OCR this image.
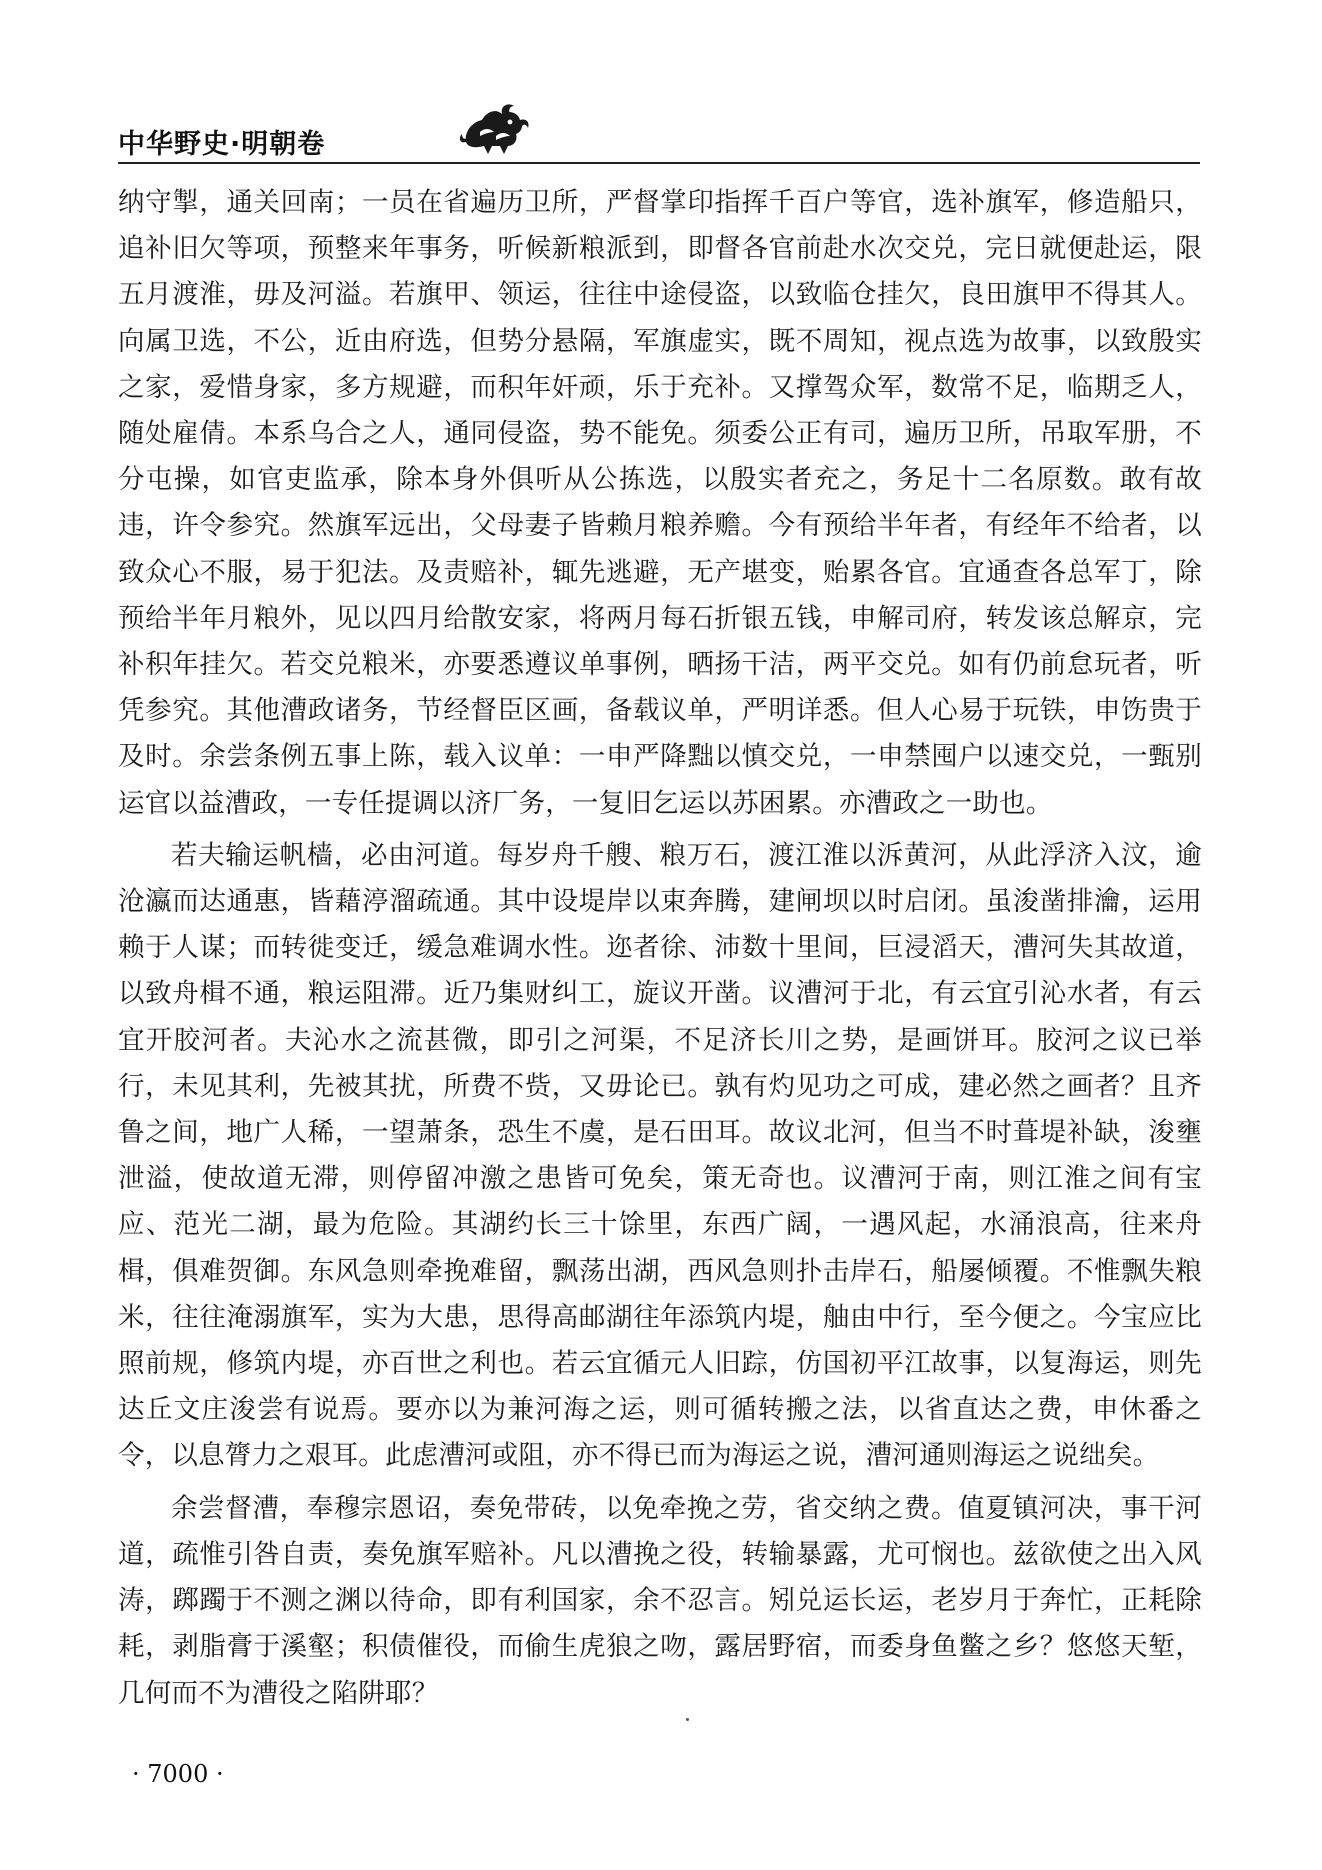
中华野史·明朝卷

纳守掣，通关回南；一员在省遍历卫所，严督掌印指挥千百户等官，选补旗军，修造船只，追补旧欠等项，预整来年事务，听候新粮派到，即督各官前赴水次交兑，完日就便赴运，限五月渡淮，毋及河溢。若旗甲、领运，往往中途侵盗，以致临仓挂欠，良田旗甲不得其人。向属卫选，不公，近由府选，但势分悬隔，军旗虚实，既不周知，视点选为故事，以致殷实之家，爱惜身家，多方规避，而积年奸顽，乐于充补。又撑驾众军，数常不足，临期乏人，随处雇倩。本系乌合之人，通同侵盗，势不能免。须委公正有司，遍历卫所，吊取军册，不分屯操，如官吏监承，除本身外俱听从公拣选，以殷实者充之，务足十二名原数。敢有故违，许令参究。然旗军远出，父母妻子皆赖月粮养赡。今有预给半年者，有经年不给者，以致众心不服，易于犯法。及责赔补，辄先逃避，无产堪变，贻累各官。宜通查各总军丁，除预给半年月粮外，见以四月给散安家，将两月每石折银五钱，申解司府，转发该总解京，完补积年挂欠。若交兑粮米，亦要悉遵议单事例，晒扬干洁，两平交兑。如有仍前怠玩者，听凭参究。其他漕政诸务，节经督臣区画，备载议单，严明详悉。但人心易于玩铁，申饬贵于及时。余尝条例五事上陈，载入议单：一申严降黜以慎交兑，一申禁囤户以速交兑，一甄别运官以益漕政，一专任提调以济厂务，一复旧乞运以苏困累。亦漕政之一助也。

若夫输运帆樯，必由河道。每岁舟千艘、粮万石，渡江淮以泝黄河，从此浮济入汶，逾沧瀛而达通惠，皆藉渟溜疏通。其中设堤岸以束奔腾，建闸坝以时启闭。虽浚凿排瀹，运用赖于人谋；而转徙变迁，缓急难调水性。迩者徐、沛数十里间，巨浸滔天，漕河失其故道，以致舟楫不通，粮运阻滞。近乃集财纠工，旋议开凿。议漕河于北，有云宜引沁水者，有云宜开胶河者。夫沁水之流甚微，即引之河渠，不足济长川之势，是画饼耳。胶河之议已举行，未见其利，先被其扰，所费不赀，又毋论已。孰有灼见功之可成，建必然之画者？且齐鲁之间，地广人稀，一望萧条，恐生不虞，是石田耳。故议北河，但当不时葺堤补缺，浚壅泄溢，使故道无滞，则停留冲激之患皆可免矣，策无奇也。议漕河于南，则江淮之间有宝应、范光二湖，最为危险。其湖约长三十馀里，东西广阔，一遇风起，水涌浪高，往来舟楫，俱难贺御。东风急则牵挽难留，飘荡出湖，西风急则扑击岸石，船屡倾覆。不惟飘失粮米，往往淹溺旗军，实为大患，思得高邮湖往年添筑内堤，舳由中行，至今便之。今宝应比照前规，修筑内堤，亦百世之利也。若云宜循元人旧踪，仿国初平江故事，以复海运，则先达丘文庄浚尝有说焉。要亦以为兼河海之运，则可循转搬之法，以省直达之费，申休番之令，以息膂力之艰耳。此虑漕河或阻，亦不得已而为海运之说，漕河通则海运之说绌矣。

余尝督漕，奉穆宗恩诏，奏免带砖，以免牵挽之劳，省交纳之费。值夏镇河决，事干河道，疏惟引咎自责，奏免旗军赔补。凡以漕挽之役，转输暴露，尤可悯也。兹欲使之出入风涛，踯躅于不测之渊以待命，即有利国家，余不忍言。矧兑运长运，老岁月于奔忙，正耗除耗，剥脂膏于溪壑；积债催役，而偷生虎狼之吻，露居野宿，而委身鱼鳖之乡？悠悠天堑，几何而不为漕役之陷阱耶？

· 7000 ·
